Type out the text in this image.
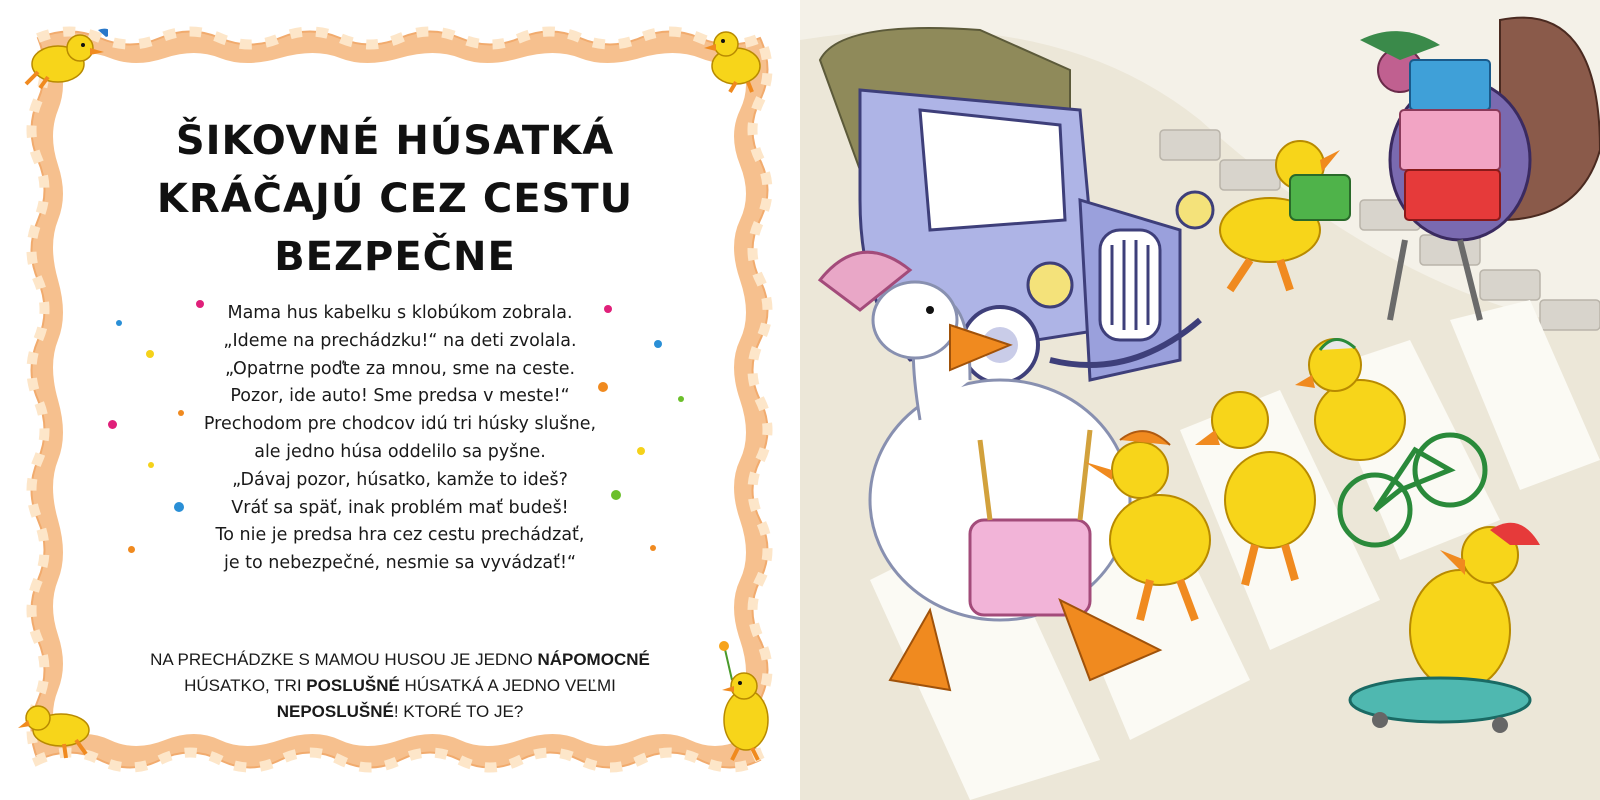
ŠIKOVNÉ HÚSATKÁ
KRÁČAJÚ CEZ CESTU
BEZPEČNE
Mama hus kabelku s klobúkom zobrala.
„Ideme na prechádzku!“ na deti zvolala.
„Opatrne poďte za mnou, sme na ceste.
Pozor, ide auto! Sme predsa v meste!“
Prechodom pre chodcov idú tri húsky slušne,
ale jedno húsa oddelilo sa pyšne.
„Dávaj pozor, húsatko, kamže to ideš?
Vráť sa späť, inak problém mať budeš!
To nie je predsa hra cez cestu prechádzať,
je to nebezpečné, nesmie sa vyvádzať!“

NA PRECHÁDZKE S MAMOU HUSOU JE JEDNO NÁPOMOCNÉ
HÚSATKO, TRI POSLUŠNÉ HÚSATKÁ A JEDNO VEĽMI
NEPOSLUŠNÉ! KTORÉ TO JE?
